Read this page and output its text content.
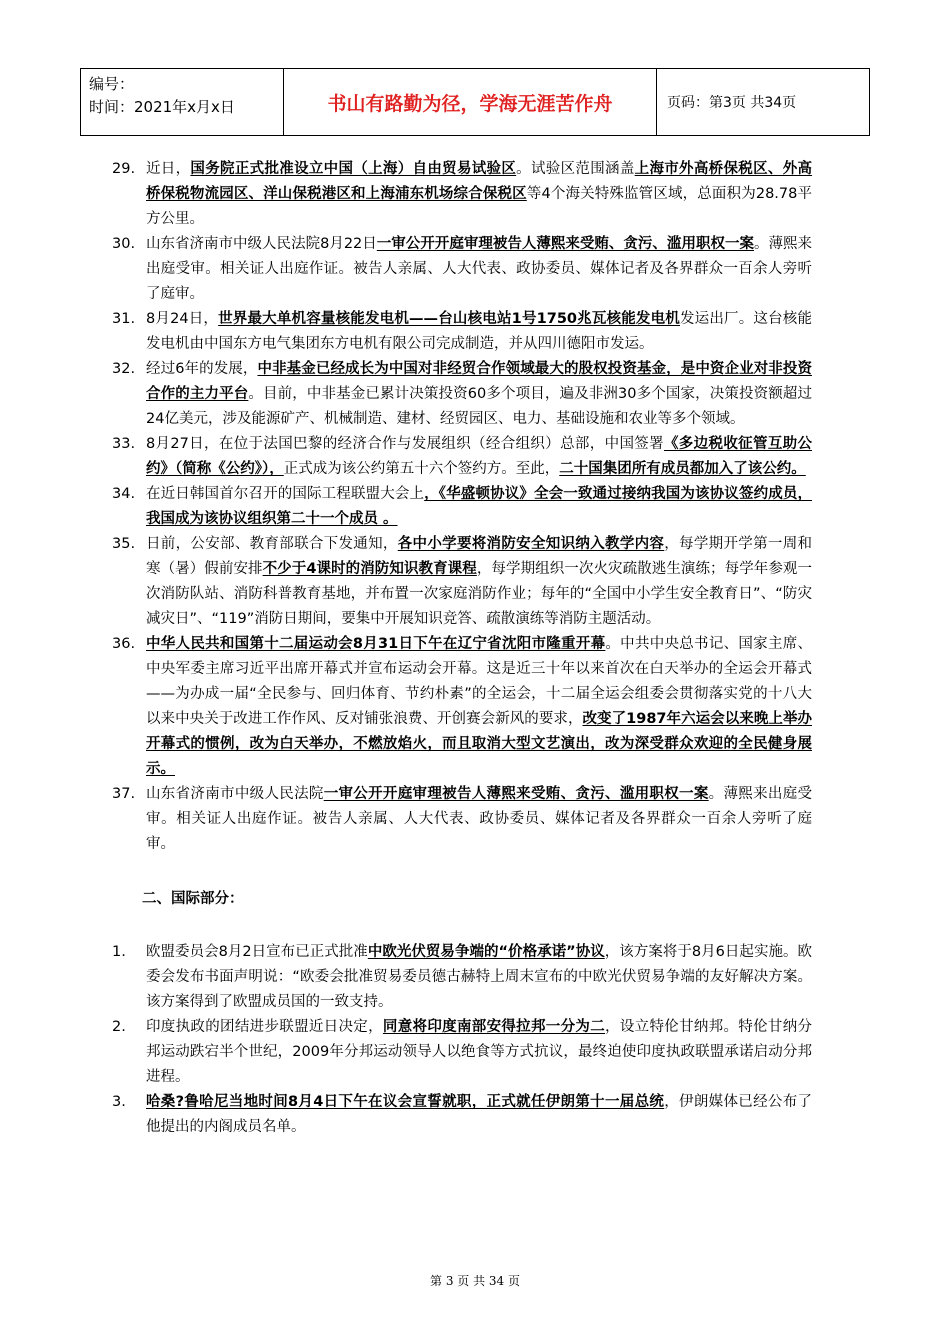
编号：
时间：2021年x月x日	书山有路勤为径，学海无涯苦作舟	页码：第3页 共34页
29. 近日，国务院正式批准设立中国（上海）自由贸易试验区。试验区范围涵盖上海市外高桥保税区、外高桥保税物流园区、洋山保税港区和上海浦东机场综合保税区等4个海关特殊监管区域，总面积为28.78平方公里。
30. 山东省济南市中级人民法院8月22日一审公开开庭审理被告人薄熙来受贿、贪污、滥用职权一案。薄熙来出庭受审。相关证人出庭作证。被告人亲属、人大代表、政协委员、媒体记者及各界群众一百余人旁听了庭审。
31. 8月24日，世界最大单机容量核能发电机——台山核电站1号1750兆瓦核能发电机发运出厂。这台核能发电机由中国东方电气集团东方电机有限公司完成制造，并从四川德阳市发运。
32. 经过6年的发展，中非基金已经成长为中国对非经贸合作领域最大的股权投资基金，是中资企业对非投资合作的主力平台。目前，中非基金已累计决策投资60多个项目，遍及非洲30多个国家，决策投资额超过24亿美元，涉及能源矿产、机械制造、建材、经贸园区、电力、基础设施和农业等多个领域。
33. 8月27日，在位于法国巴黎的经济合作与发展组织（经合组织）总部，中国签署《多边税收征管互助公约》（简称《公约》），正式成为该公约第五十六个签约方。至此，二十国集团所有成员都加入了该公约。
34. 在近日韩国首尔召开的国际工程联盟大会上，《华盛顿协议》全会一致通过接纳我国为该协议签约成员，我国成为该协议组织第二十一个成员 。
35. 日前，公安部、教育部联合下发通知，各中小学要将消防安全知识纳入教学内容，每学期开学第一周和寒（暑）假前安排不少于4课时的消防知识教育课程，每学期组织一次火灾疏散逃生演练；每学年参观一次消防队站、消防科普教育基地，并布置一次家庭消防作业；每年的“全国中小学生安全教育日”、“防灾减灾日”、“119”消防日期间，要集中开展知识竞答、疏散演练等消防主题活动。
36. 中华人民共和国第十二届运动会8月31日下午在辽宁省沈阳市隆重开幕。中共中央总书记、国家主席、中央军委主席习近平出席开幕式并宣布运动会开幕。这是近三十年以来首次在白天举办的全运会开幕式——为办成一届“全民参与、回归体育、节约朴素”的全运会，十二届全运会组委会贯彻落实党的十八大以来中央关于改进工作作风、反对铺张浪费、开创赛会新风的要求，改变了1987年六运会以来晚上举办开幕式的惯例，改为白天举办，不燃放焰火，而且取消大型文艺演出，改为深受群众欢迎的全民健身展示。
37. 山东省济南市中级人民法院一审公开开庭审理被告人薄熙来受贿、贪污、滥用职权一案。薄熙来出庭受审。相关证人出庭作证。被告人亲属、人大代表、政协委员、媒体记者及各界群众一百余人旁听了庭审。
二、国际部分：
1.	欧盟委员会8月2日宣布已正式批准中欧光伏贸易争端的“价格承诺”协议，该方案将于8月6日起实施。欧委会发布书面声明说：“欧委会批准贸易委员德古赫特上周末宣布的中欧光伏贸易争端的友好解决方案。该方案得到了欧盟成员国的一致支持。
2.	印度执政的团结进步联盟近日决定，同意将印度南部安得拉邦一分为二，设立特伦甘纳邦。特伦甘纳分邦运动跌宕半个世纪，2009年分邦运动领导人以绝食等方式抗议，最终迫使印度执政联盟承诺启动分邦进程。
3.	哈桑?鲁哈尼当地时间8月4日下午在议会宣誓就职，正式就任伊朗第十一届总统，伊朗媒体已经公布了他提出的内阁成员名单。
第 3 页 共 34 页
